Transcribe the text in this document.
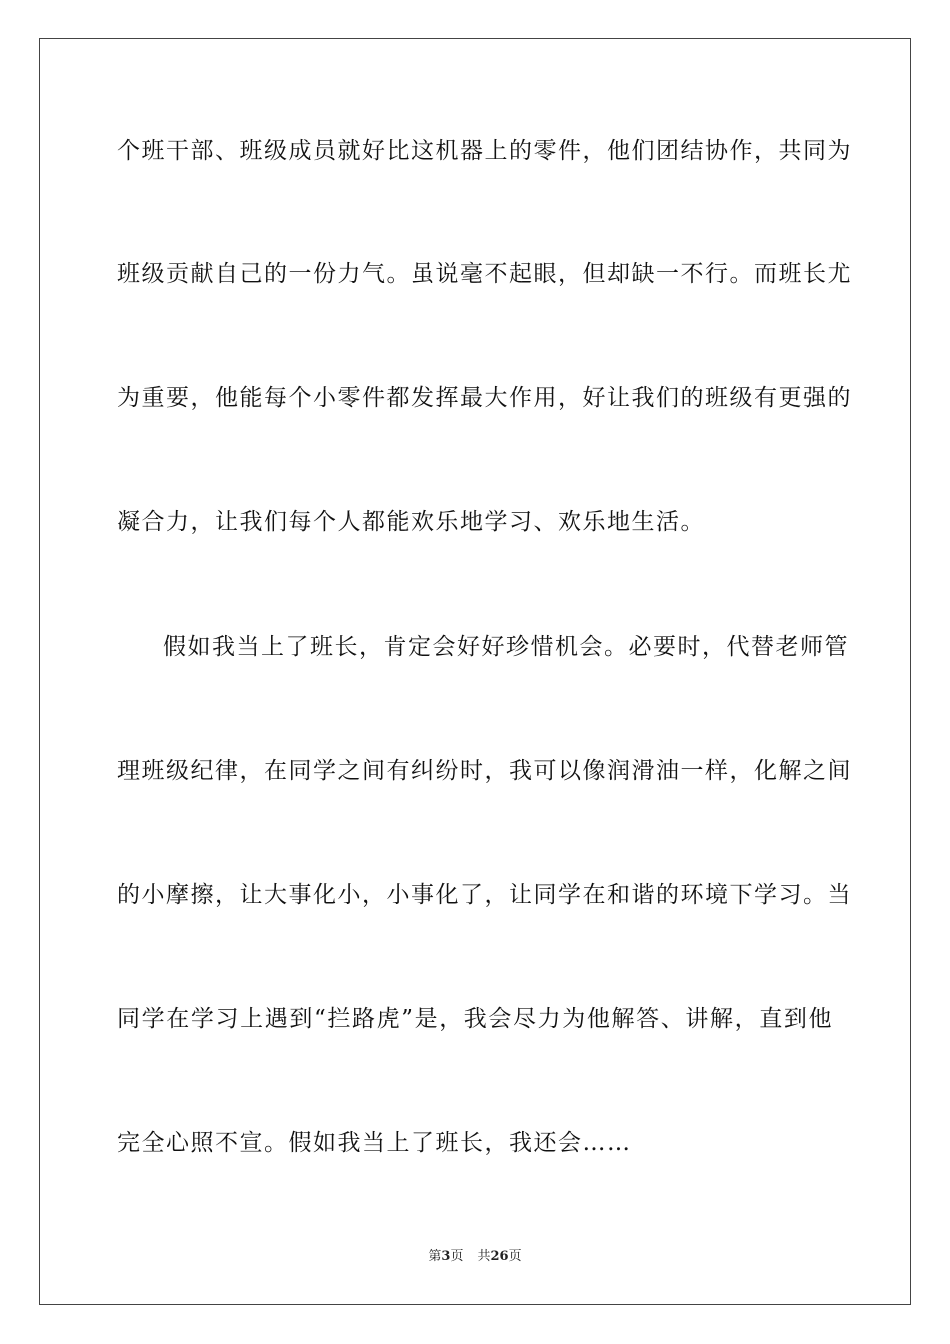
个班干部、班级成员就好比这机器上的零件，他们团结协作，共同为
班级贡献自己的一份力气。虽说毫不起眼，但却缺一不行。而班长尤
为重要，他能每个小零件都发挥最大作用，好让我们的班级有更强的
凝合力，让我们每个人都能欢乐地学习、欢乐地生活。
假如我当上了班长，肯定会好好珍惜机会。必要时，代替老师管
理班级纪律，在同学之间有纠纷时，我可以像润滑油一样，化解之间
的小摩擦，让大事化小，小事化了，让同学在和谐的环境下学习。当
同学在学习上遇到“拦路虎”是，我会尽力为他解答、讲解，直到他
完全心照不宣。假如我当上了班长，我还会……
第3页 共26页
